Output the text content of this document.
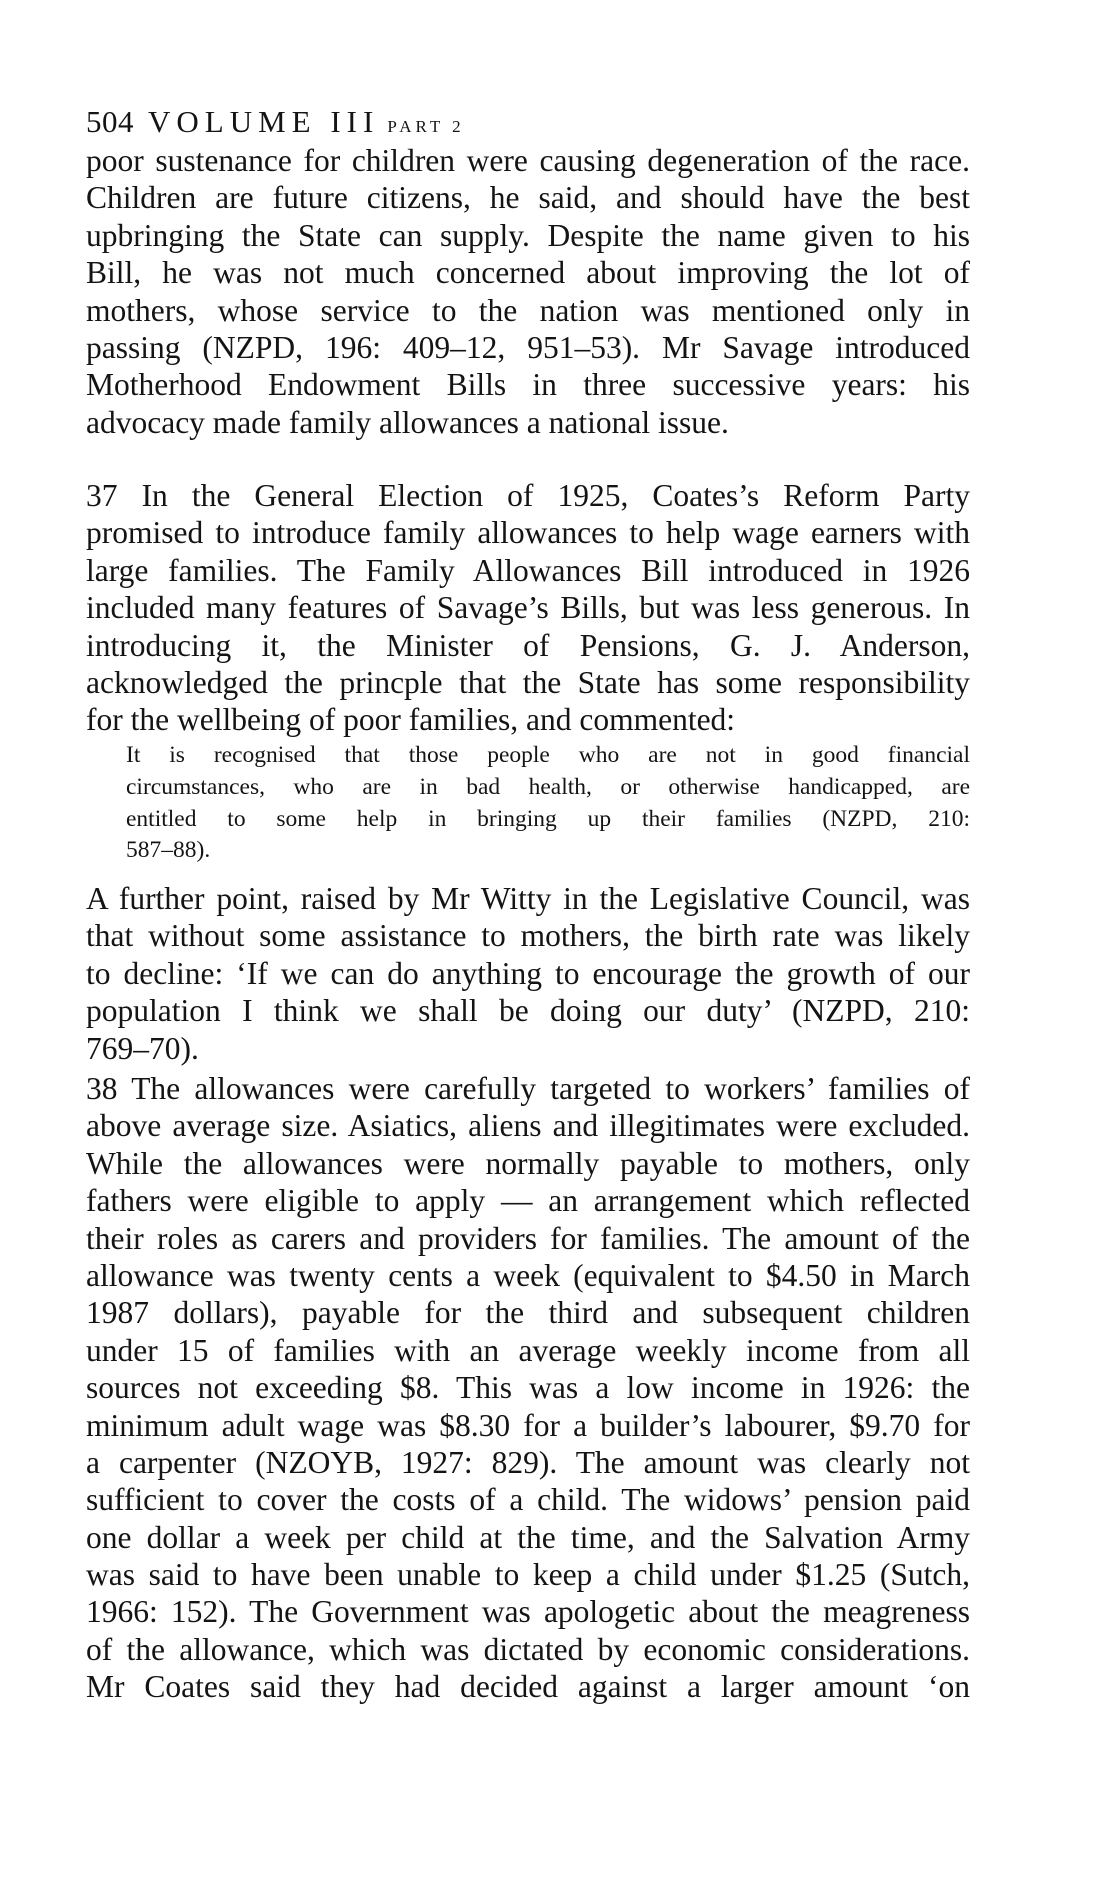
504 VOLUME III PART 2
poor sustenance for children were causing degeneration of the race.
Children are future citizens, he said, and should have the best
upbringing the State can supply. Despite the name given to his
Bill, he was not much concerned about improving the lot of
mothers, whose service to the nation was mentioned only in
passing (NZPD, 196: 409–12, 951–53). Mr Savage introduced
Motherhood Endowment Bills in three successive years: his
advocacy made family allowances a national issue.
37 In the General Election of 1925, Coates’s Reform Party
promised to introduce family allowances to help wage earners with
large families. The Family Allowances Bill introduced in 1926
included many features of Savage’s Bills, but was less generous. In
introducing it, the Minister of Pensions, G. J. Anderson,
acknowledged the princple that the State has some responsibility
for the wellbeing of poor families, and commented:
It is recognised that those people who are not in good financial
circumstances, who are in bad health, or otherwise handicapped, are
entitled to some help in bringing up their families (NZPD, 210:
587–88).
A further point, raised by Mr Witty in the Legislative Council, was
that without some assistance to mothers, the birth rate was likely
to decline: ‘If we can do anything to encourage the growth of our
population I think we shall be doing our duty’ (NZPD, 210:
769–70).
38 The allowances were carefully targeted to workers’ families of
above average size. Asiatics, aliens and illegitimates were excluded.
While the allowances were normally payable to mothers, only
fathers were eligible to apply — an arrangement which reflected
their roles as carers and providers for families. The amount of the
allowance was twenty cents a week (equivalent to $4.50 in March
1987 dollars), payable for the third and subsequent children
under 15 of families with an average weekly income from all
sources not exceeding $8. This was a low income in 1926: the
minimum adult wage was $8.30 for a builder’s labourer, $9.70 for
a carpenter (NZOYB, 1927: 829). The amount was clearly not
sufficient to cover the costs of a child. The widows’ pension paid
one dollar a week per child at the time, and the Salvation Army
was said to have been unable to keep a child under $1.25 (Sutch,
1966: 152). The Government was apologetic about the meagreness
of the allowance, which was dictated by economic considerations.
Mr Coates said they had decided against a larger amount ‘on
